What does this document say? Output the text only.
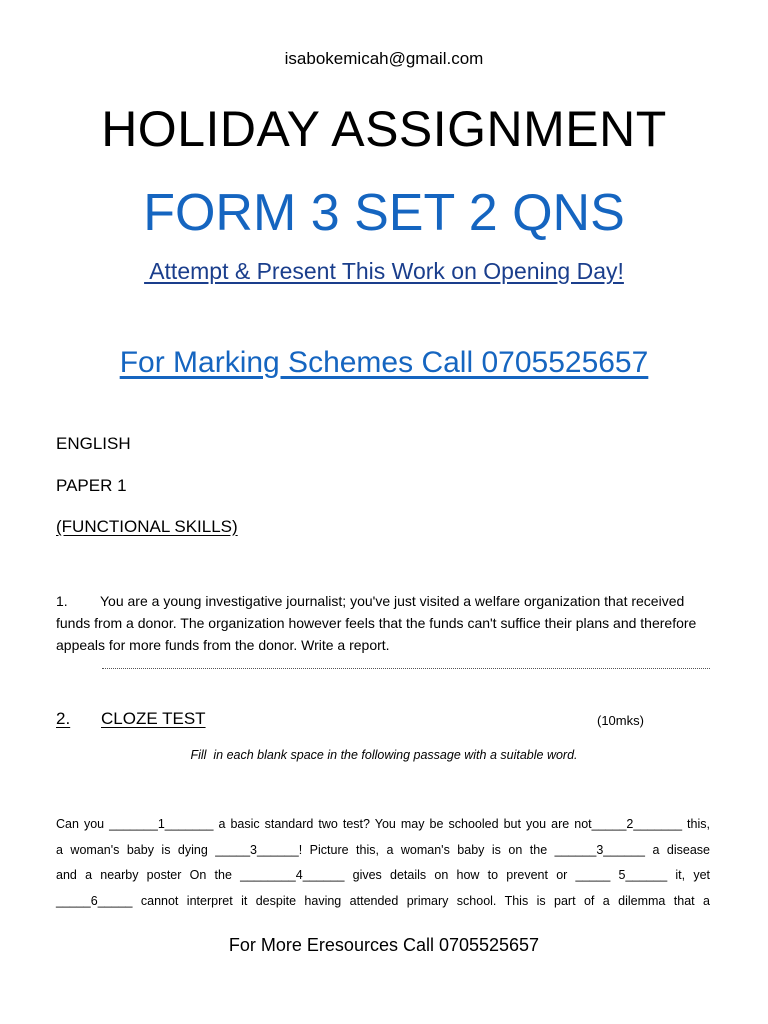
isabokemicah@gmail.com
HOLIDAY ASSIGNMENT
FORM 3 SET 2 QNS
Attempt & Present This Work on Opening Day!
For Marking Schemes Call 0705525657
ENGLISH
PAPER 1
(FUNCTIONAL SKILLS)
1. You are a young investigative journalist; you've just visited a welfare organization that received funds from a donor. The organization however feels that the funds can't suffice their plans and therefore appeals for more funds from the donor. Write a report.
2. CLOZE TEST	(10mks)
Fill  in each blank space in the following passage with a suitable word.
Can you _______1_______ a basic standard two test? You may be schooled but you are not_____2_______ this,
a woman's baby is dying _____3______! Picture this, a woman's baby is on the ______3______ a disease
and a nearby poster On the ________4______ gives details on how to prevent or _____ 5______ it, yet
_____6_____ cannot interpret it despite having attended primary school. This is part of a dilemma that a
For More Eresources Call 0705525657
